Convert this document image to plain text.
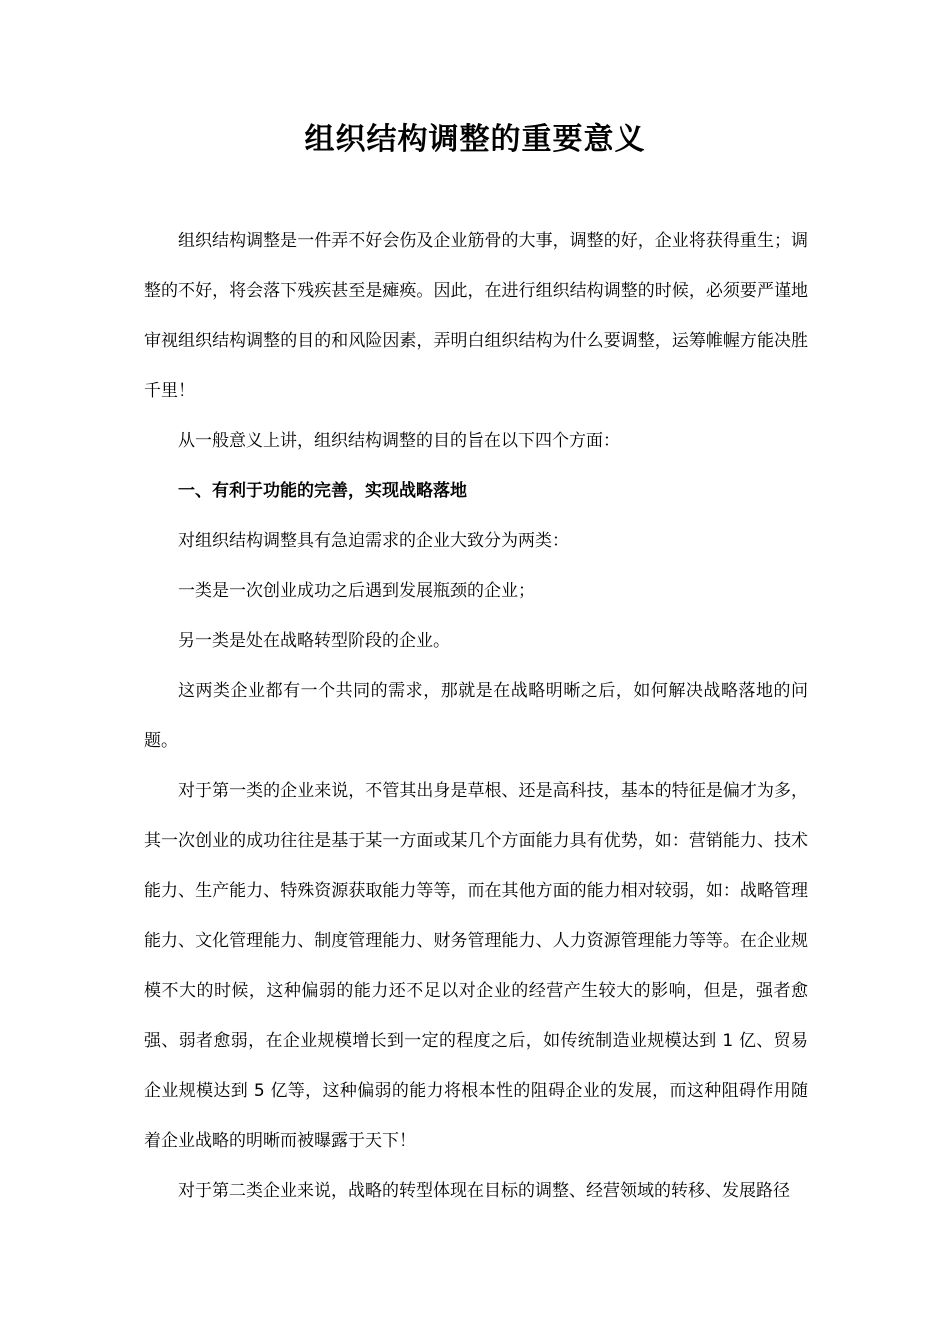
组织结构调整的重要意义

组织结构调整是一件弄不好会伤及企业筋骨的大事，调整的好，企业将获得重生；调整的不好，将会落下残疾甚至是瘫痪。因此，在进行组织结构调整的时候，必须要严谨地审视组织结构调整的目的和风险因素，弄明白组织结构为什么要调整，运筹帷幄方能决胜千里！

从一般意义上讲，组织结构调整的目的旨在以下四个方面：

一、有利于功能的完善，实现战略落地

对组织结构调整具有急迫需求的企业大致分为两类：

一类是一次创业成功之后遇到发展瓶颈的企业；

另一类是处在战略转型阶段的企业。

这两类企业都有一个共同的需求，那就是在战略明晰之后，如何解决战略落地的问题。

对于第一类的企业来说，不管其出身是草根、还是高科技，基本的特征是偏才为多，其一次创业的成功往往是基于某一方面或某几个方面能力具有优势，如：营销能力、技术能力、生产能力、特殊资源获取能力等等，而在其他方面的能力相对较弱，如：战略管理能力、文化管理能力、制度管理能力、财务管理能力、人力资源管理能力等等。在企业规模不大的时候，这种偏弱的能力还不足以对企业的经营产生较大的影响，但是，强者愈强、弱者愈弱，在企业规模增长到一定的程度之后，如传统制造业规模达到 1 亿、贸易企业规模达到 5 亿等，这种偏弱的能力将根本性的阻碍企业的发展，而这种阻碍作用随着企业战略的明晰而被曝露于天下！

对于第二类企业来说，战略的转型体现在目标的调整、经营领域的转移、发展路径
